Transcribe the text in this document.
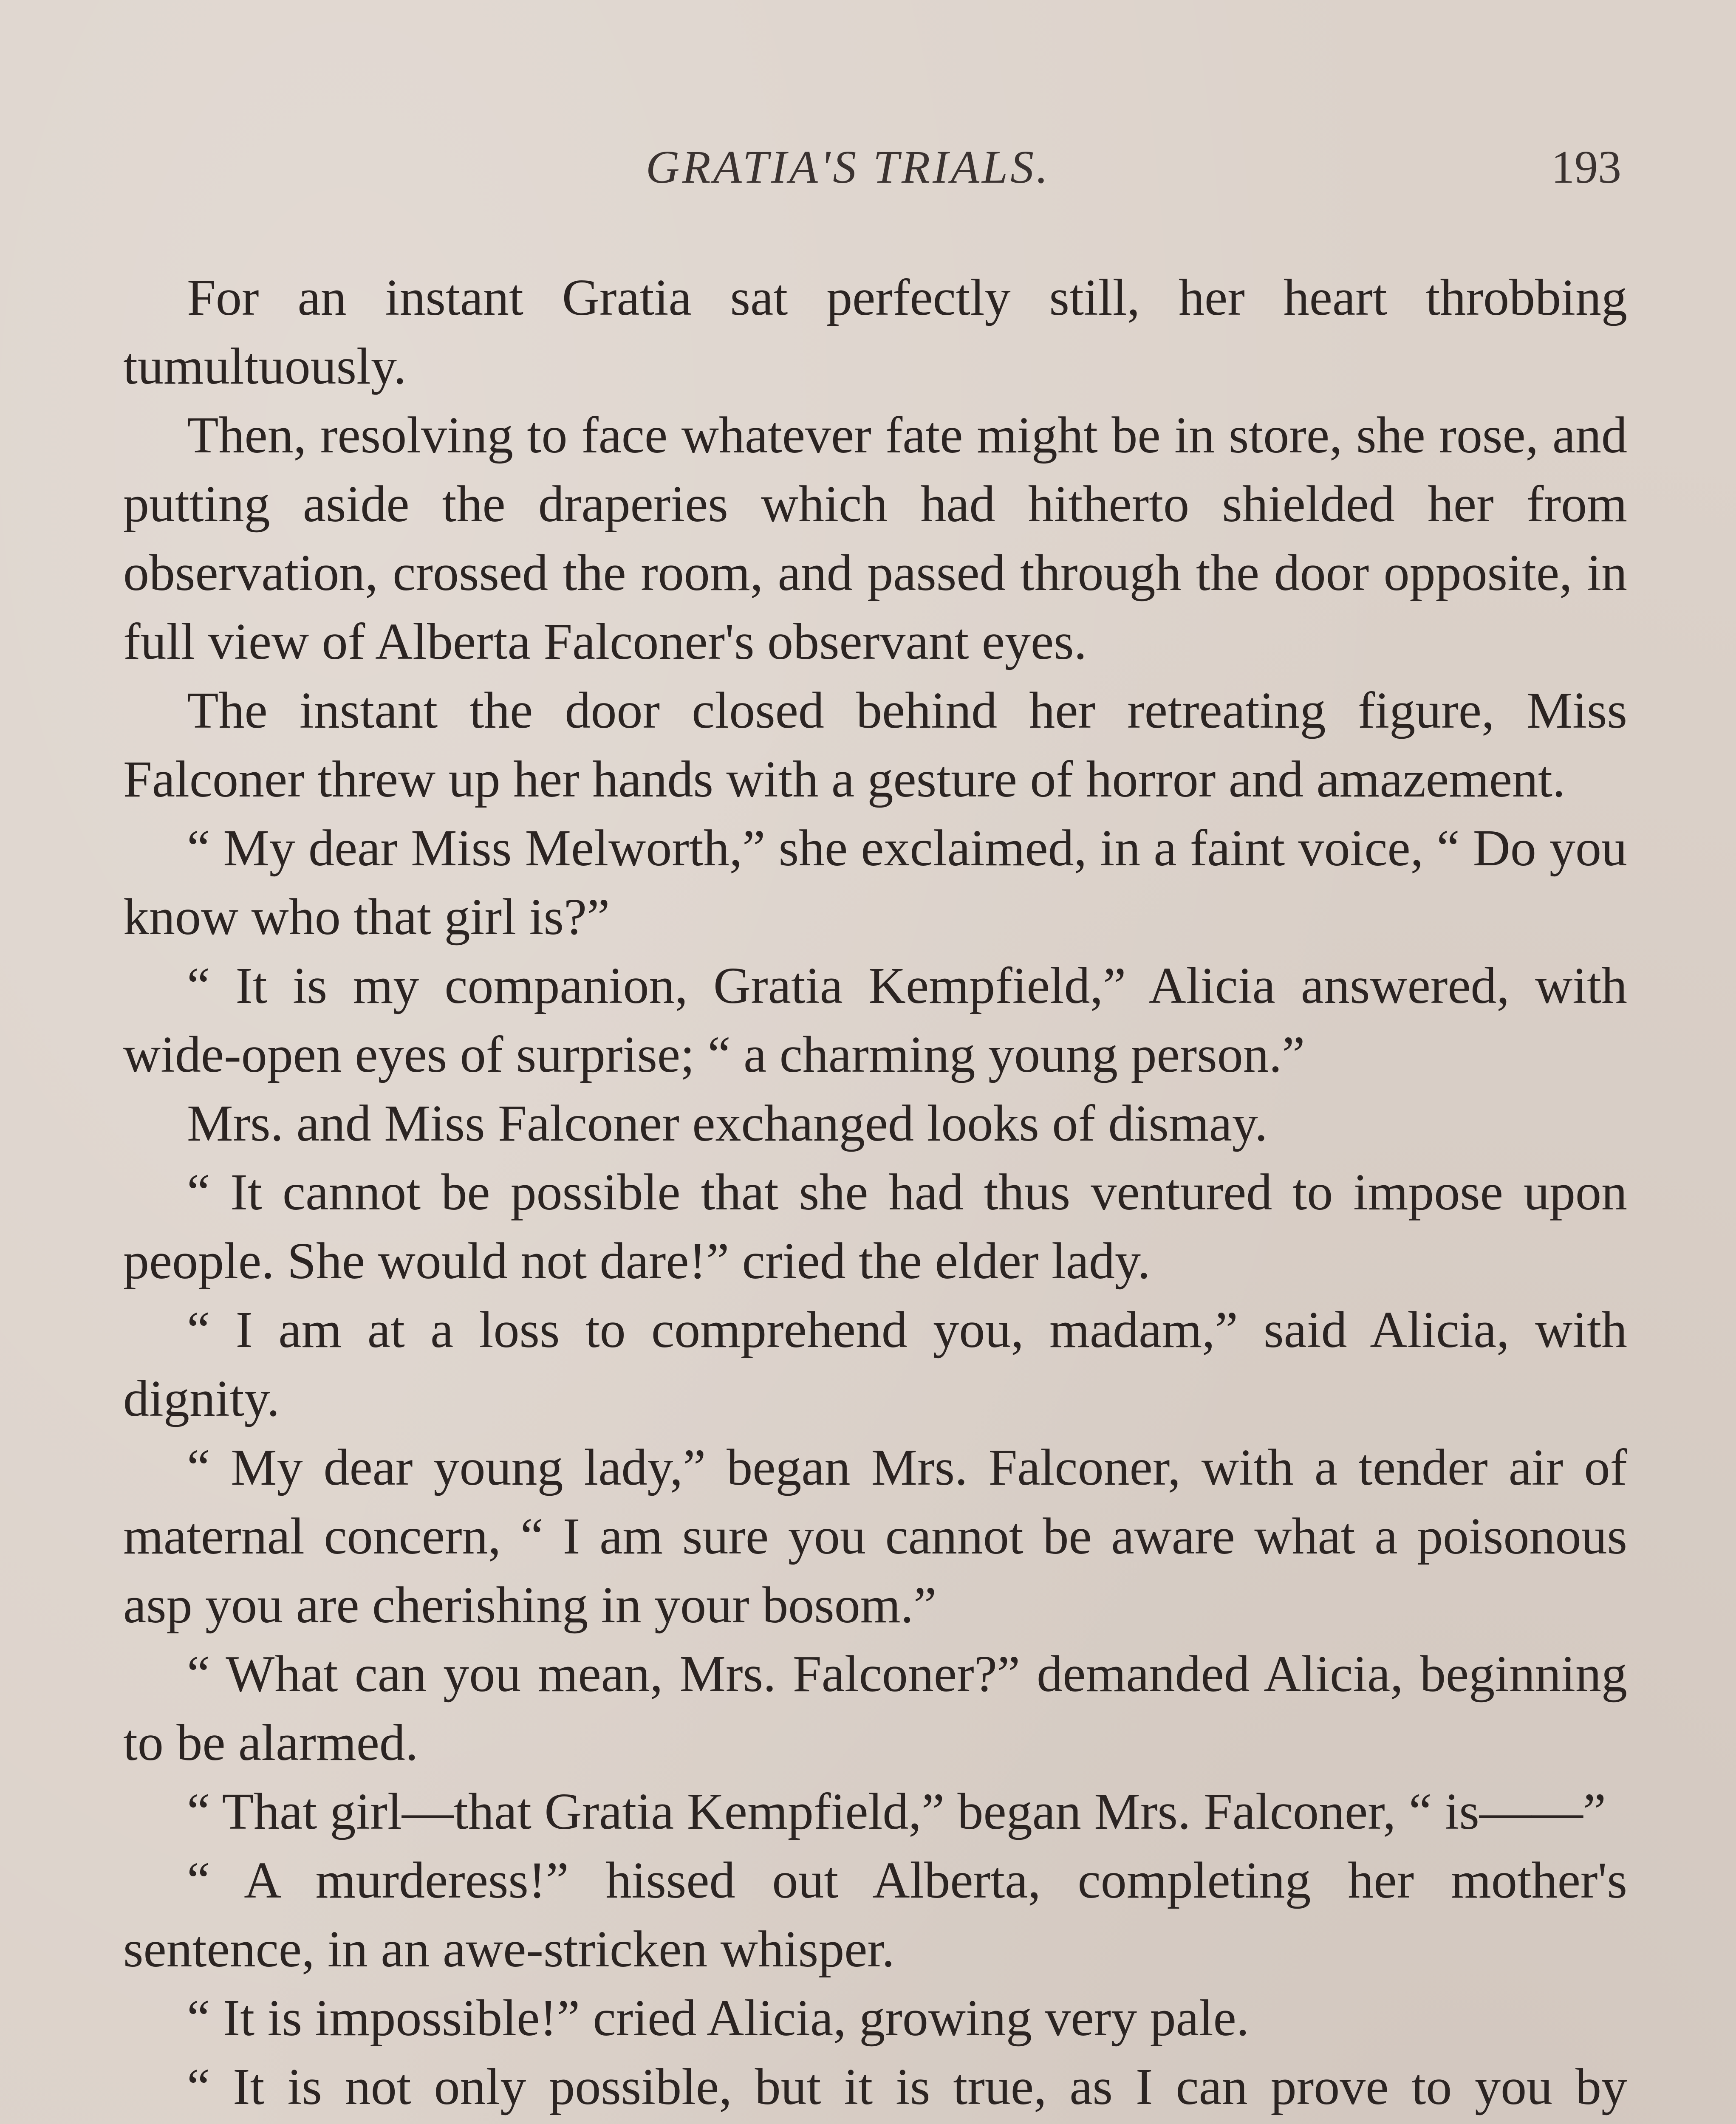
GRATIA'S TRIALS.	193

For an instant Gratia sat perfectly still, her heart throbbing tumultuously.

Then, resolving to face whatever fate might be in store, she rose, and putting aside the draperies which had hitherto shielded her from observation, crossed the room, and passed through the door opposite, in full view of Alberta Falconer's observant eyes.

The instant the door closed behind her retreating figure, Miss Falconer threw up her hands with a gesture of horror and amazement.

“ My dear Miss Melworth,” she exclaimed, in a faint voice, “ Do you know who that girl is?”

“ It is my companion, Gratia Kempfield,” Alicia answered, with wide-open eyes of surprise; “ a charming young person.”

Mrs. and Miss Falconer exchanged looks of dismay.

“ It cannot be possible that she had thus ventured to impose upon people. She would not dare!” cried the elder lady.

“ I am at a loss to comprehend you, madam,” said Alicia, with dignity.

“ My dear young lady,” began Mrs. Falconer, with a tender air of maternal concern, “ I am sure you cannot be aware what a poisonous asp you are cherishing in your bosom.”

“ What can you mean, Mrs. Falconer?” demanded Alicia, beginning to be alarmed.

“ That girl—that Gratia Kempfield,” began Mrs. Falconer, “ is——”

“ A murderess!” hissed out Alberta, completing her mother's sentence, in an awe-stricken whisper.

“ It is impossible!” cried Alicia, growing very pale.

“ It is not only possible, but it is true, as I can prove to you by
